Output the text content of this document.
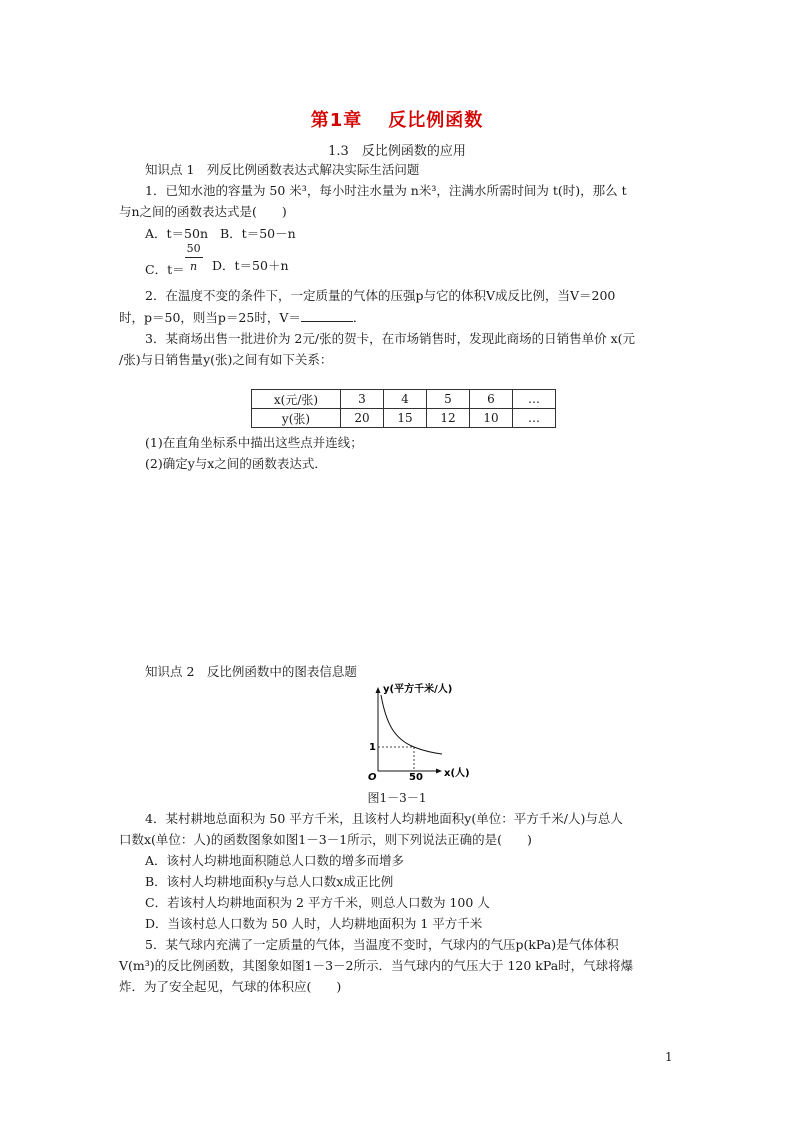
第1章 反比例函数
1.3　反比例函数的应用
知识点 1　列反比例函数表达式解决实际生活问题
1．已知水池的容量为 50 米³，每小时注水量为 n米³，注满水所需时间为 t(时)，那么 t
与n之间的函数表达式是(　　)
A．t＝50n B．t＝50－n
C．$t= \frac{50}{n}$ D．t＝50＋n
2．在温度不变的条件下，一定质量的气体的压强p与它的体积V成反比例，当V＝200
时，p＝50，则当p＝25时，V＝	．
3．某商场出售一批进价为 2元/张的贺卡，在市场销售时，发现此商场的日销售单价 x(元
/张)与日销售量y(张)之间有如下关系：
x(元/张)	3	4	5	6	…
y(张)	20	15	12	10	…
(1)在直角坐标系中描出这些点并连线；
(2)确定y与x之间的函数表达式．
知识点 2　反比例函数中的图表信息题
y(平方千米/人)
x(人)
O
1
50
图1－3－1
4．某村耕地总面积为 50 平方千米，且该村人均耕地面积y(单位：平方千米/人)与总人
口数x(单位：人)的函数图象如图1－3－1所示，则下列说法正确的是(　　)
A．该村人均耕地面积随总人口数的增多而增多
B．该村人均耕地面积y与总人口数x成正比例
C．若该村人均耕地面积为 2 平方千米，则总人口数为 100 人
D．当该村总人口数为 50 人时，人均耕地面积为 1 平方千米
5．某气球内充满了一定质量的气体，当温度不变时，气球内的气压p(kPa)是气体体积
V(m³)的反比例函数，其图象如图1－3－2所示．当气球内的气压大于 120 kPa时，气球将爆
炸．为了安全起见，气球的体积应(　　)
1
